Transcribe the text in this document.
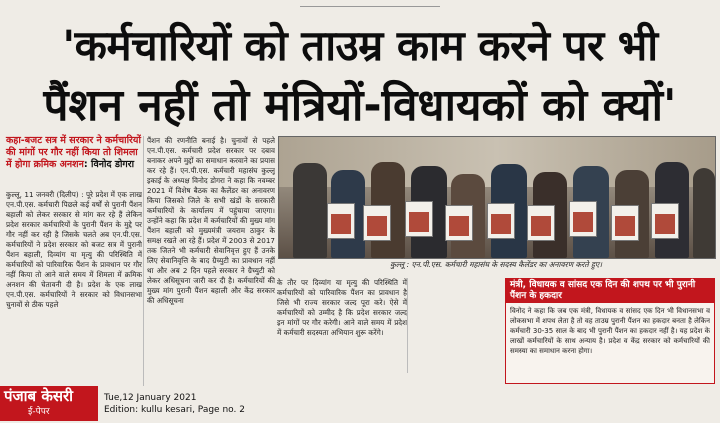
'कर्मचारियों को ताउम्र काम करने पर भी
पैंशन नहीं तो मंत्रियों-विधायकों को क्यों'
कहा-बजट सत्र में सरकार ने कर्मचारियों की मांगों पर गौर नहीं किया तो शिमला में होगा क्रमिक अनशन: विनोद डोगरा
कुल्लू, 11 जनवरी (दिलीप) : पूरे प्रदेश में एक लाख एन.पी.एस. कर्मचारी पिछले कई वर्षों से पुरानी पैंशन बहाली को लेकर सरकार से मांग कर रहे हैं लेकिन प्रदेश सरकार कर्मचारियों के पुरानी पैंशन के मुद्दे पर गौर नहीं कर रही है जिसके चलते अब एन.पी.एस. कर्मचारियों ने प्रदेश सरकार को बजट सत्र में पुरानी पैंशन बहाली, दिव्यांग या मृत्यु की परिस्थिति में कर्मचारियों को पारिवारिक पैंशन के प्रावधान पर गौर नहीं किया तो आने वाले समय में शिमला में क्रमिक अनशन की चेतावनी दी है। प्रदेश के एक लाख एन.पी.एस. कर्मचारियों ने सरकार को विधानसभा चुनावों से ठीक पहले
पैंशन की रणनीति बनाई है। चुनावों से पहले एन.पी.एस. कर्मचारी प्रदेश सरकार पर दबाव बनाकर अपने मुद्दों का समाधान करवाने का प्रयास कर रहे हैं। एन.पी.एस. कर्मचारी महासंघ कुल्लू इकाई के अध्यक्ष विनोद डोगरा ने कहा कि नवम्बर 2021 में विशेष बैठक का कैलेंडर का अनावरण किया जिसको जिले के सभी खंडों के सरकारी कर्मचारियों के कार्यालय में पहुंचाया जाएगा। उन्होंने कहा कि प्रदेश में कर्मचारियों की मुख्य मांग पैंशन बहाली को मुख्यमंत्री जयराम ठाकुर के समक्ष रखते आ रहे हैं। प्रदेश में 2003 से 2017 तक जितने भी कर्मचारी सेवानिवृत्त हुए हैं उनके लिए सेवानिवृत्ति के बाद ग्रैच्युटी का प्रावधान नहीं था और अब 2 दिन पहले सरकार ने ग्रैच्युटी को लेकर अधिसूचना जारी कर दी है। कर्मचारियों की मुख्य मांग पुरानी पैंशन बहाली और केंद्र सरकार की अधिसूचना
कुल्लू : एन.पी.एस. कर्मचारी महासंघ के सदस्य कैलेंडर का अनावरण करते हुए।
के तौर पर दिव्यांग या मृत्यु की परिस्थिति में कर्मचारियों को पारिवारिक पैंशन का प्रावधान है जिसे भी राज्य सरकार जल्द पूरा करे। ऐसे में कर्मचारियों को उम्मीद है कि प्रदेश सरकार जल्द इन मांगों पर गौर करेगी। आने वाले समय में प्रदेश में कर्मचारी सदस्यता अभियान शुरू करेंगे।
मंत्री, विधायक व सांसद एक दिन की शपथ पर भी पुरानी पैंशन के हकदार
विनोद ने कहा कि जब एक मंत्री, विधायक व सांसद एक दिन भी विधानसभा व लोकसभा में शपथ लेता है तो वह ताउम्र पुरानी पैंशन का हकदार बनता है लेकिन कर्मचारी 30-35 साल के बाद भी पुरानी पैंशन का हकदार नहीं है। यह प्रदेश के लाखों कर्मचारियों के साथ अन्याय है। प्रदेश व केंद्र सरकार को कर्मचारियों की समस्या का समाधान करना होगा।
पंजाब केसरी
ई-पेपर
Tue,12 January 2021
Edition: kullu kesari, Page no. 2
